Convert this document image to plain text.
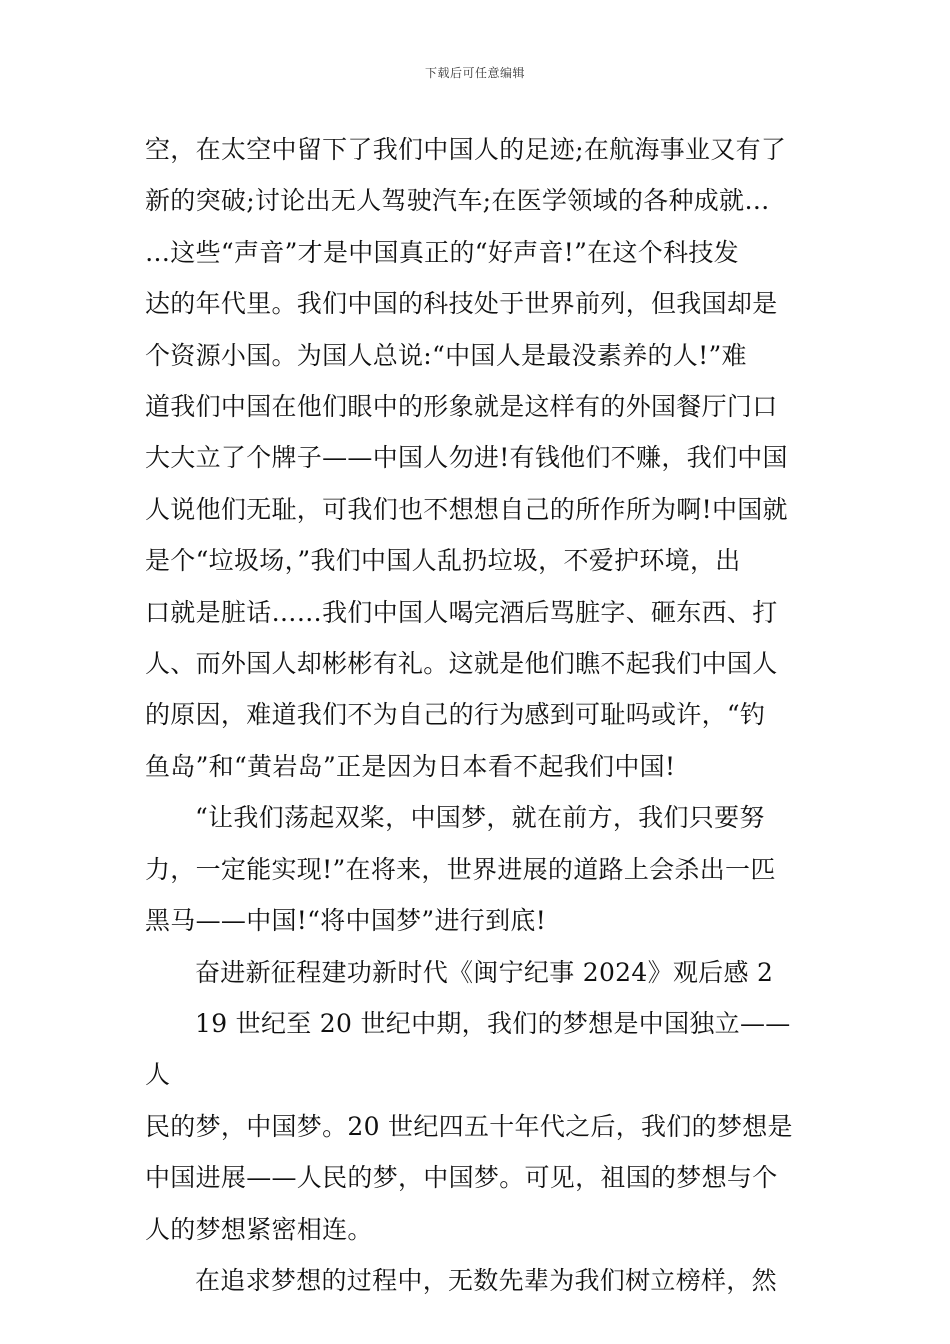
下载后可任意编辑

空，在太空中留下了我们中国人的足迹;在航海事业又有了
新的突破;讨论出无人驾驶汽车;在医学领域的各种成就…
…这些“声音”才是中国真正的“好声音!”在这个科技发
达的年代里。我们中国的科技处于世界前列，但我国却是
个资源小国。为国人总说:“中国人是最没素养的人!”难
道我们中国在他们眼中的形象就是这样有的外国餐厅门口
大大立了个牌子——中国人勿进!有钱他们不赚，我们中国
人说他们无耻，可我们也不想想自己的所作所为啊!中国就
是个“垃圾场，”我们中国人乱扔垃圾，不爱护环境，出
口就是脏话……我们中国人喝完酒后骂脏字、砸东西、打
人、而外国人却彬彬有礼。这就是他们瞧不起我们中国人
的原因，难道我们不为自己的行为感到可耻吗或许，“钓
鱼岛”和“黄岩岛”正是因为日本看不起我们中国!

“让我们荡起双桨，中国梦，就在前方，我们只要努
力，一定能实现!”在将来，世界进展的道路上会杀出一匹
黑马——中国!“将中国梦”进行到底!

奋进新征程建功新时代《闽宁纪事 2024》观后感 2

19 世纪至 20 世纪中期，我们的梦想是中国独立——人
民的梦，中国梦。20 世纪四五十年代之后，我们的梦想是
中国进展——人民的梦，中国梦。可见，祖国的梦想与个
人的梦想紧密相连。

在追求梦想的过程中，无数先辈为我们树立榜样，然
